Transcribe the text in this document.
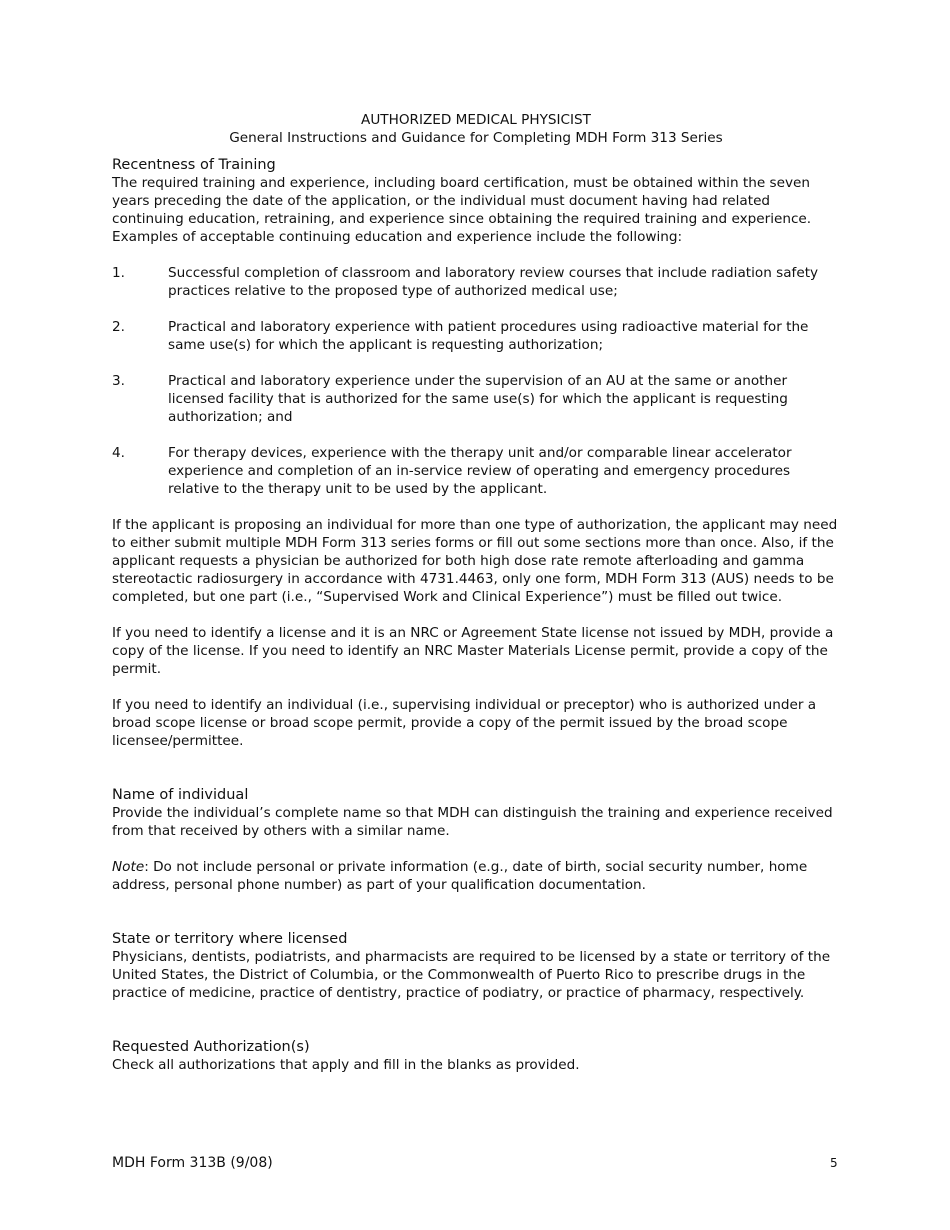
AUTHORIZED MEDICAL PHYSICIST
General Instructions and Guidance for Completing MDH Form 313 Series
Recentness of Training

The required training and experience, including board certification, must be obtained within the seven years preceding the date of the application, or the individual must document having had related continuing education, retraining, and experience since obtaining the required training and experience. Examples of acceptable continuing education and experience include the following:

1.	Successful completion of classroom and laboratory review courses that include radiation safety practices relative to the proposed type of authorized medical use;
2.	Practical and laboratory experience with patient procedures using radioactive material for the same use(s) for which the applicant is requesting authorization;
3.	Practical and laboratory experience under the supervision of an AU at the same or another licensed facility that is authorized for the same use(s) for which the applicant is requesting authorization; and
4.	For therapy devices, experience with the therapy unit and/or comparable linear accelerator experience and completion of an in-service review of operating and emergency procedures relative to the therapy unit to be used by the applicant.

If the applicant is proposing an individual for more than one type of authorization, the applicant may need to either submit multiple MDH Form 313 series forms or fill out some sections more than once. Also, if the applicant requests a physician be authorized for both high dose rate remote afterloading and gamma stereotactic radiosurgery in accordance with 4731.4463, only one form, MDH Form 313 (AUS) needs to be completed, but one part (i.e., “Supervised Work and Clinical Experience”) must be filled out twice.

If you need to identify a license and it is an NRC or Agreement State license not issued by MDH, provide a copy of the license. If you need to identify an NRC Master Materials License permit, provide a copy of the permit.

If you need to identify an individual (i.e., supervising individual or preceptor) who is authorized under a broad scope license or broad scope permit, provide a copy of the permit issued by the broad scope licensee/permittee.

Name of individual

Provide the individual’s complete name so that MDH can distinguish the training and experience received from that received by others with a similar name.

Note: Do not include personal or private information (e.g., date of birth, social security number, home address, personal phone number) as part of your qualification documentation.

State or territory where licensed

Physicians, dentists, podiatrists, and pharmacists are required to be licensed by a state or territory of the United States, the District of Columbia, or the Commonwealth of Puerto Rico to prescribe drugs in the practice of medicine, practice of dentistry, practice of podiatry, or practice of pharmacy, respectively.

Requested Authorization(s)

Check all authorizations that apply and fill in the blanks as provided.

MDH Form 313B (9/08)	5
